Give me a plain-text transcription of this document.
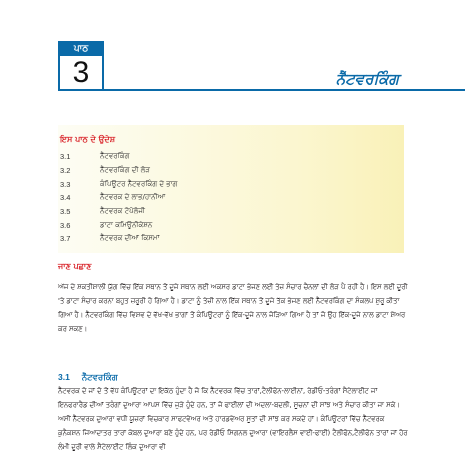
ਪਾਠ
3	ਨੈੱਟਵਰਕਿੰਗ
ਇਸ ਪਾਠ ਦੇ ਉਦੇਸ਼
3.1	ਨੈੱਟਵਰਕਿੰਗ
3.2	ਨੈੱਟਵਰਕਿੰਗ ਦੀ ਲੋੜ
3.3	ਕੰਪਿਊਟਰ ਨੈੱਟਵਰਕਿੰਗ ਦੇ ਭਾਗ
3.4	ਨੈੱਟਵਰਕ ਦੇ ਲਾਭ/ਹਾਨੀਆਂ
3.5	ਨੈੱਟਵਰਕ ਟੋਪੋਲੋਜੀ
3.6	ਡਾਟਾ ਕਮਿਊਨੀਕੇਸ਼ਨ
3.7	ਨੈੱਟਵਰਕ ਦੀਆਂ ਕਿਸਮਾਂ
ਜਾਣ ਪਛਾਣ

ਅੱਜ ਦੇ ਸ਼ਕਤੀਸ਼ਾਲੀ ਯੁੱਗ ਵਿੱਚ ਇੱਕ ਸਥਾਨ ਤੋਂ ਦੂਜੇ ਸਥਾਨ ਲਈ ਅਕਸਰ ਡਾਟਾ ਭੇਜਣ ਲਈ ਤੇਜ਼ ਸੰਚਾਰ ਚੈਨਲਾਂ ਦੀ ਲੋੜ ਪੈ ਰਹੀ ਹੈ। ਇਸ ਲਈ ਦੂਰੀ 'ਤੇ ਡਾਟਾ ਸੰਚਾਰ ਕਰਨਾ ਬਹੁਤ ਜ਼ਰੂਰੀ ਹੋ ਗਿਆ ਹੈ। ਡਾਟਾ ਨੂੰ ਤੇਜ਼ੀ ਨਾਲ ਇੱਕ ਸਥਾਨ ਤੋਂ ਦੂਜੇ ਤੱਕ ਭੇਜਣ ਲਈ ਨੈੱਟਵਰਕਿੰਗ ਦਾ ਸੰਕਲਪ ਸ਼ੁਰੂ ਕੀਤਾ ਗਿਆ ਹੈ। ਨੈੱਟਵਰਕਿੰਗ ਵਿੱਚ ਵਿਸ਼ਵ ਦੇ ਵੱਖ-ਵੱਖ ਭਾਗਾਂ ਤੋਂ ਕੰਪਿਊਟਰਾਂ ਨੂੰ ਇੱਕ-ਦੂਜੇ ਨਾਲ ਜੋੜਿਆ ਗਿਆ ਹੈ ਤਾਂ ਜੋ ਉਹ ਇੱਕ-ਦੂਜੇ ਨਾਲ ਡਾਟਾ ਸ਼ੇਅਰ ਕਰ ਸਕਣ।

3.1 ਨੈੱਟਵਰਕਿੰਗ

ਨੈੱਟਵਰਕ ਦੋ ਜਾਂ ਦੋ ਤੋਂ ਵੱਧ ਕੰਪਿਊਟਰਾਂ ਦਾ ਇਕੱਠ ਹੁੰਦਾ ਹੈ ਜੋ ਕਿ ਨੈੱਟਵਰਕ ਵਿੱਚ ਤਾਰਾਂ,ਟੈਲੀਫੋਨ-ਲਾਈਨਾਂ, ਰੇਡੀਓ-ਤਰੰਗਾਂ ਸੈਟੇਲਾਈਟ ਜਾਂ ਇਨਫਰਾਰੈਡ ਦੀਆਂ ਤਰੰਗਾਂ ਦੁਆਰਾ ਆਪਸ ਵਿੱਚ ਜੁੜੇ ਹੁੰਦੇ ਹਨ, ਤਾਂ ਜੋ ਫਾਈਲਾਂ ਦੀ ਅਦਲਾ-ਬਦਲੀ, ਸੂਚਨਾਂ ਦੀ ਸਾਂਝ ਅਤੇ ਸੰਚਾਰ ਕੀਤਾ ਜਾ ਸਕੇ। ਅਸੀਂ ਨੈੱਟਵਰਕ ਦੁਆਰਾ ਵਧੀ ਯੂਜ਼ਰਾਂ ਵਿਚਕਾਰ ਸਾਫਟਵੇਅਰ ਅਤੇ ਹਾਰਡਵੇਅਰ ਸੂਤਾਂ ਦੀ ਸਾਂਝ ਕਰ ਸਕਦੇ ਹਾਂ। ਕੰਪਿਊਟਰਾਂ ਵਿੱਚ ਨੈੱਟਵਰਕ ਕੁਨੈਕਸ਼ਨ ਜਿਆਦਾਤਰ ਤਾਰਾਂ ਕੇਬਲ ਦੁਆਰਾ ਬਣੇ ਹੁੰਦੇ ਹਨ, ਪਰ ਰੇਡੀਓ ਸਿਗਨਲ ਦੁਆਰਾ (ਵਾਇਰਲੈਸ ਵਾਈ-ਫਾਈ) ਟੈਲੀਫੋਨ,ਟੈਲੀਫੋਨ ਤਾਰਾਂ ਜਾਂ ਹੋਰ ਲੰਮੀ ਦੂਰੀ ਵਾਲੇ ਸੈਟੇਲਾਈਟ ਲਿੰਕ ਦੁਆਰਾ ਵੀ
